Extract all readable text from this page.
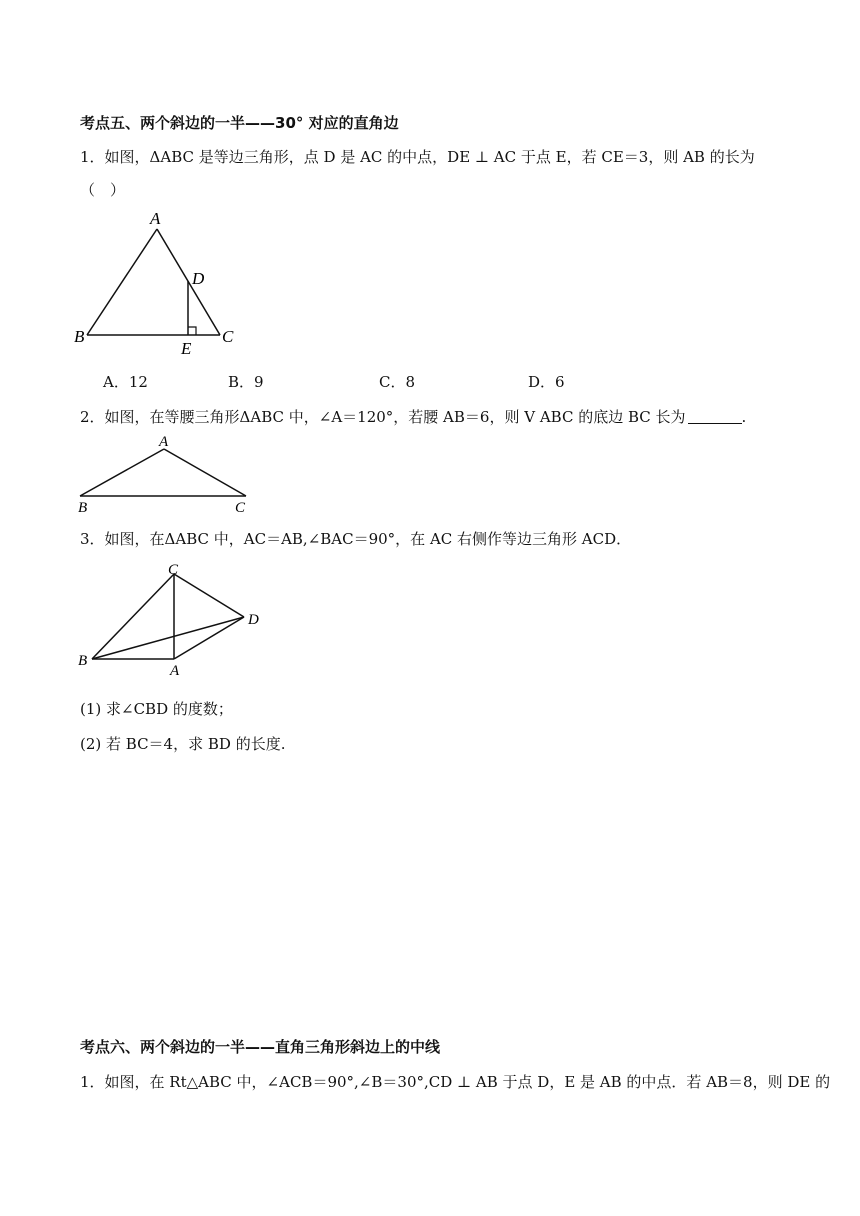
考点五、两个斜边的一半——30° 对应的直角边
1．如图，ΔABC 是等边三角形，点 D 是 AC 的中点，DE ⊥ AC 于点 E，若 CE＝3，则 AB 的长为
（　）
A
B	C
D
E
A．12	B．9	C．8	D．6
2．如图，在等腰三角形ΔABC 中，∠A＝120°，若腰 AB＝6，则 V ABC 的底边 BC 长为	.
A
B	C
3．如图，在ΔABC 中，AC＝AB,∠BAC＝90°，在 AC 右侧作等边三角形 ACD．
C
B
A
D
(1) 求∠CBD 的度数；
(2) 若 BC＝4，求 BD 的长度.
考点六、两个斜边的一半——直角三角形斜边上的中线
1．如图，在 Rt△ABC 中，∠ACB＝90°,∠B＝30°,CD ⊥ AB 于点 D，E 是 AB 的中点．若 AB＝8，则 DE 的
